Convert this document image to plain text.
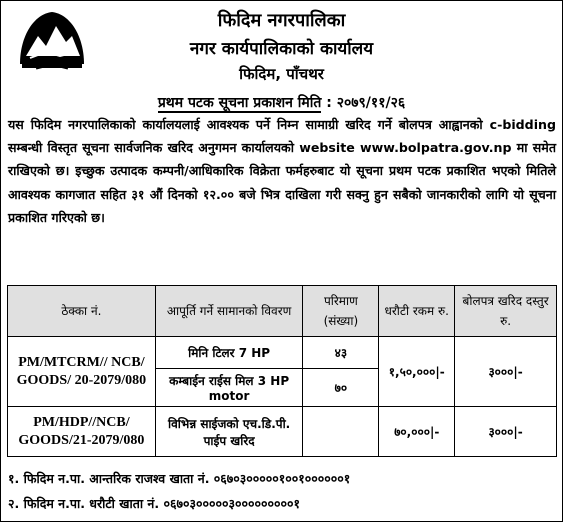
फिदिम नगरपालिका
नगर कार्यपालिकाको कार्यालय
फिदिम, पाँचथर
प्रथम पटक सूचना प्रकाशन मिति : २०७९/११/२६
यस फिदिम नगरपालिकाको कार्यालयलाई आवश्यक पर्ने निम्न सामाग्री खरिद गर्ने बोलपत्र आह्वानको c-bidding सम्बन्धी विस्तृत सूचना सार्वजनिक खरिद अनुगमन कार्यालयको website www.bolpatra.gov.np मा समेत राखिएको छ। इच्छुक उत्पादक कम्पनी/आधिकारिक विक्रेता फर्महरुबाट यो सूचना प्रथम पटक प्रकाशित भएको मितिले आवश्यक कागजात सहित ३१ औं दिनको १२.०० बजे भित्र दाखिला गरी सक्नु हुन सबैको जानकारीको लागि यो सूचना प्रकाशित गरिएको छ।
ठेक्का नं.	आपूर्ति गर्ने सामानको विवरण	परिमाण (संख्या)	धरौटी रकम रु.	बोलपत्र खरिद दस्तुर रु.
PM/MTCRM// NCB/ GOODS/ 20-2079/080	मिनि टिलर 7 HP	४३	१,५०,०००|-	३०००|-
	कम्बाईन राईस मिल 3 HP motor	७०		
PM/HDP//NCB/ GOODS/21-2079/080	विभिन्न साईजको एच.डि.पी. पाईप खरिद		७०,०००|-	३०००|-
१. फिदिम न.पा. आन्तरिक राजश्व खाता नं. ०६७०३०००००१००१००००००१
२. फिदिम न.पा. धरौटी खाता नं. ०६७०३०००००३०००००००००१
